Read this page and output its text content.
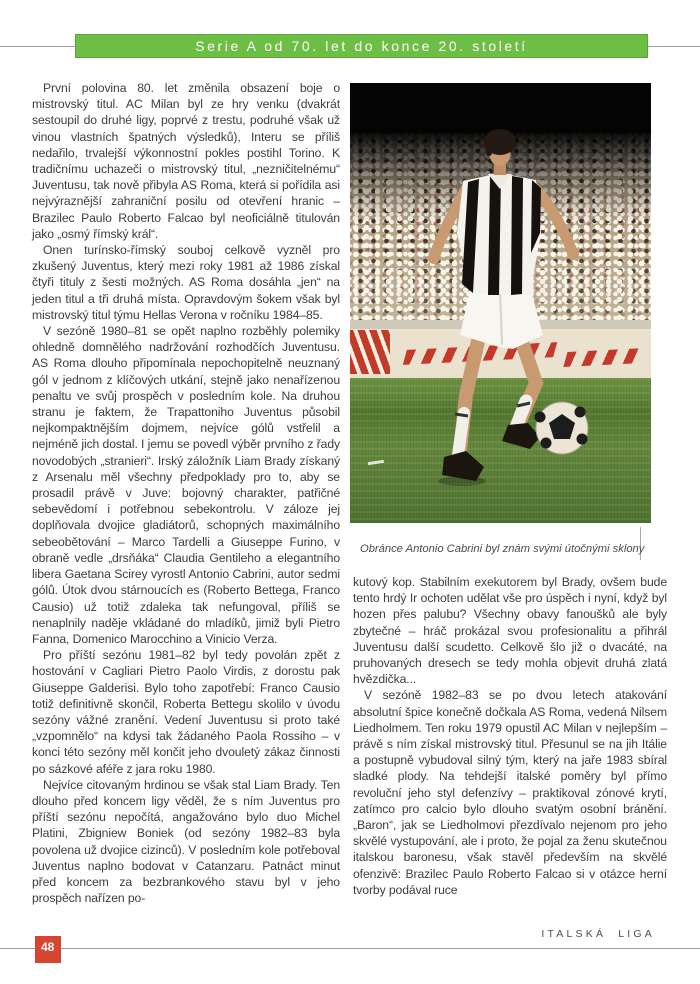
Serie A od 70. let do konce 20. století

První polovina 80. let změnila obsazení boje o mistrovský titul. AC Milan byl ze hry venku (dvakrát sestoupil do druhé ligy, poprvé z trestu, podruhé však už vinou vlastních špatných výsledků), Interu se příliš nedařilo, trvalejší výkonnostní pokles postihl Torino. K tradičnímu uchazeči o mistrovský titul, „nezničitelnému“ Juventusu, tak nově přibyla AS Roma, která si pořídila asi nejvýraznější zahraniční posilu od otevření hranic – Brazilec Paulo Roberto Falcao byl neoficiálně titulován jako „osmý římský král“.

Onen turínsko-římský souboj celkově vyzněl pro zkušený Juventus, který mezi roky 1981 až 1986 získal čtyři tituly z šesti možných. AS Roma dosáhla „jen“ na jeden titul a tři druhá místa. Opravdovým šokem však byl mistrovský titul týmu Hellas Verona v ročníku 1984–85.

V sezóně 1980–81 se opět naplno rozběhly polemiky ohledně domnělého nadržování rozhodčích Juventusu. AS Roma dlouho připomínala nepochopitelně neuznaný gól v jednom z klíčových utkání, stejně jako nenařízenou penaltu ve svůj prospěch v posledním kole. Na druhou stranu je faktem, že Trapattoniho Juventus působil nejkompaktnějším dojmem, nejvíce gólů vstřelil a nejméně jich dostal. I jemu se povedl výběr prvního z řady novodobých „stranieri“. Irský záložník Liam Brady získaný z Arsenalu měl všechny předpoklady pro to, aby se prosadil právě v Juve: bojovný charakter, patřičné sebevědomí i potřebnou sebekontrolu. V záloze jej doplňovala dvojice gladiátorů, schopných maximálního sebeobětování – Marco Tardelli a Giuseppe Furino, v obraně vedle „drsňáka“ Claudia Gentileho a elegantního libera Gaetana Scirey vyrostl Antonio Cabrini, autor sedmi gólů. Útok dvou stárnoucích es (Roberto Bettega, Franco Causio) už totiž zdaleka tak nefungoval, příliš se nenaplnily naděje vkládané do mladíků, jimiž byli Pietro Fanna, Domenico Marocchino a Vinicio Verza.

Pro příští sezónu 1981–82 byl tedy povolán zpět z hostování v Cagliari Pietro Paolo Virdis, z dorostu pak Giuseppe Galderisi. Bylo toho zapotřebí: Franco Causio totiž definitivně skončil, Roberta Bettegu skolilo v úvodu sezóny vážné zranění. Vedení Juventusu si proto také „vzpomnělo“ na kdysi tak žádaného Paola Rossiho – v konci této sezóny měl končit jeho dvouletý zákaz činnosti po sázkové aféře z jara roku 1980.

Nejvíce citovaným hrdinou se však stal Liam Brady. Ten dlouho před koncem ligy věděl, že s ním Juventus pro příští sezónu nepočítá, angažováno bylo duo Michel Platini, Zbigniew Boniek (od sezóny 1982–83 byla povolena už dvojice cizinců). V posledním kole potřeboval Juventus naplno bodovat v Catanzaru. Patnáct minut před koncem za bezbrankového stavu byl v jeho prospěch nařízen po-

Obránce Antonio Cabrini byl znám svými útočnými sklony

kutový kop. Stabilním exekutorem byl Brady, ovšem bude tento hrdý Ir ochoten udělat vše pro úspěch i nyní, když byl hozen přes palubu? Všechny obavy fanoušků ale byly zbytečné – hráč prokázal svou profesionalitu a přihrál Juventusu další scudetto. Celkově šlo již o dvacáté, na pruhovaných dresech se tedy mohla objevit druhá zlatá hvězdička...

V sezóně 1982–83 se po dvou letech atakování absolutní špice konečně dočkala AS Roma, vedená Nilsem Liedholmem. Ten roku 1979 opustil AC Milan v nejlepším – právě s ním získal mistrovský titul. Přesunul se na jih Itálie a postupně vybudoval silný tým, který na jaře 1983 sbíral sladké plody. Na tehdejší italské poměry byl přímo revoluční jeho styl defenzívy – praktikoval zónové krytí, zatímco pro calcio bylo dlouho svatým osobní bránění. „Baron“, jak se Liedholmovi přezdívalo nejenom pro jeho skvělé vystupování, ale i proto, že pojal za ženu skutečnou italskou baronesu, však stavěl především na skvělé ofenzivě: Brazilec Paulo Roberto Falcao si v otázce herní tvorby podával ruce

48
ITALSKÁ LIGA
